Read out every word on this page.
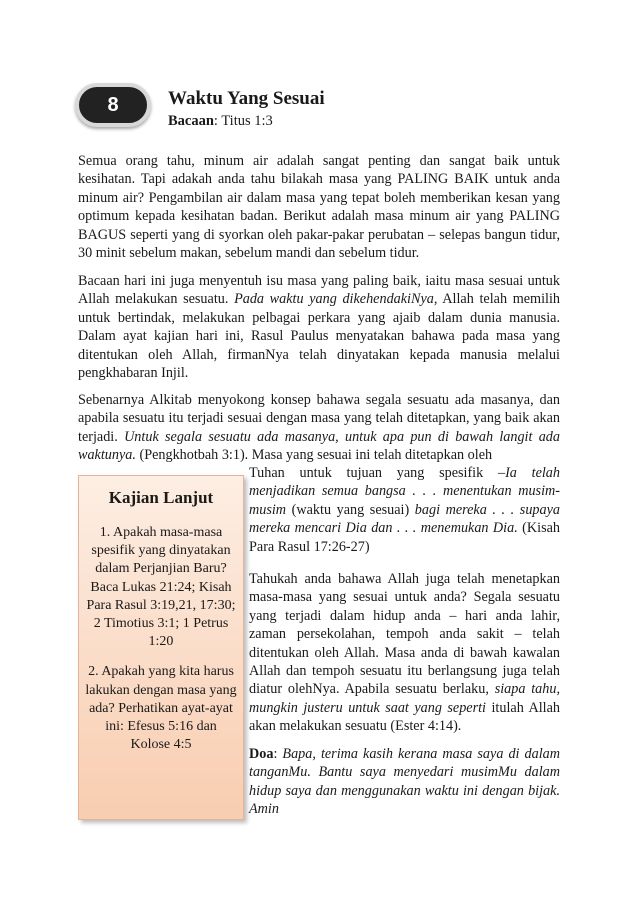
8	Waktu Yang Sesuai
Bacaan: Titus 1:3

Semua orang tahu, minum air adalah sangat penting dan sangat baik untuk kesihatan. Tapi adakah anda tahu bilakah masa yang PALING BAIK untuk anda minum air? Pengambilan air dalam masa yang tepat boleh memberikan kesan yang optimum kepada kesihatan badan. Berikut adalah masa minum air yang PALING BAGUS seperti yang di syorkan oleh pakar-pakar perubatan – selepas bangun tidur, 30 minit sebelum makan, sebelum mandi dan sebelum tidur.

Bacaan hari ini juga menyentuh isu masa yang paling baik, iaitu masa sesuai untuk Allah melakukan sesuatu. Pada waktu yang dikehendakiNya, Allah telah memilih untuk bertindak, melakukan pelbagai perkara yang ajaib dalam dunia manusia. Dalam ayat kajian hari ini, Rasul Paulus menyatakan bahawa pada masa yang ditentukan oleh Allah, firmanNya telah dinyatakan kepada manusia melalui pengkhabaran Injil.

Sebenarnya Alkitab menyokong konsep bahawa segala sesuatu ada masanya, dan apabila sesuatu itu terjadi sesuai dengan masa yang telah ditetapkan, yang baik akan terjadi. Untuk segala sesuatu ada masanya, untuk apa pun di bawah langit ada waktunya. (Pengkhotbah 3:1). Masa yang sesuai ini telah ditetapkan oleh

Kajian Lanjut
1. Apakah masa-masa spesifik yang dinyatakan dalam Perjanjian Baru? Baca Lukas 21:24; Kisah Para Rasul 3:19,21, 17:30; 2 Timotius 3:1; 1 Petrus 1:20
2. Apakah yang kita harus lakukan dengan masa yang ada? Perhatikan ayat-ayat ini: Efesus 5:16 dan Kolose 4:5

Tuhan untuk tujuan yang spesifik –Ia telah menjadikan semua bangsa . . . menentukan musim-musim (waktu yang sesuai) bagi mereka . . . supaya mereka mencari Dia dan . . . menemukan Dia. (Kisah Para Rasul 17:26-27)

Tahukah anda bahawa Allah juga telah menetapkan masa-masa yang sesuai untuk anda? Segala sesuatu yang terjadi dalam hidup anda – hari anda lahir, zaman persekolahan, tempoh anda sakit – telah ditentukan oleh Allah. Masa anda di bawah kawalan Allah dan tempoh sesuatu itu berlangsung juga telah diatur olehNya. Apabila sesuatu berlaku, siapa tahu, mungkin justeru untuk saat yang seperti itulah Allah akan melakukan sesuatu (Ester 4:14).

Doa: Bapa, terima kasih kerana masa saya di dalam tanganMu. Bantu saya menyedari musimMu dalam hidup saya dan menggunakan waktu ini dengan bijak. Amin
